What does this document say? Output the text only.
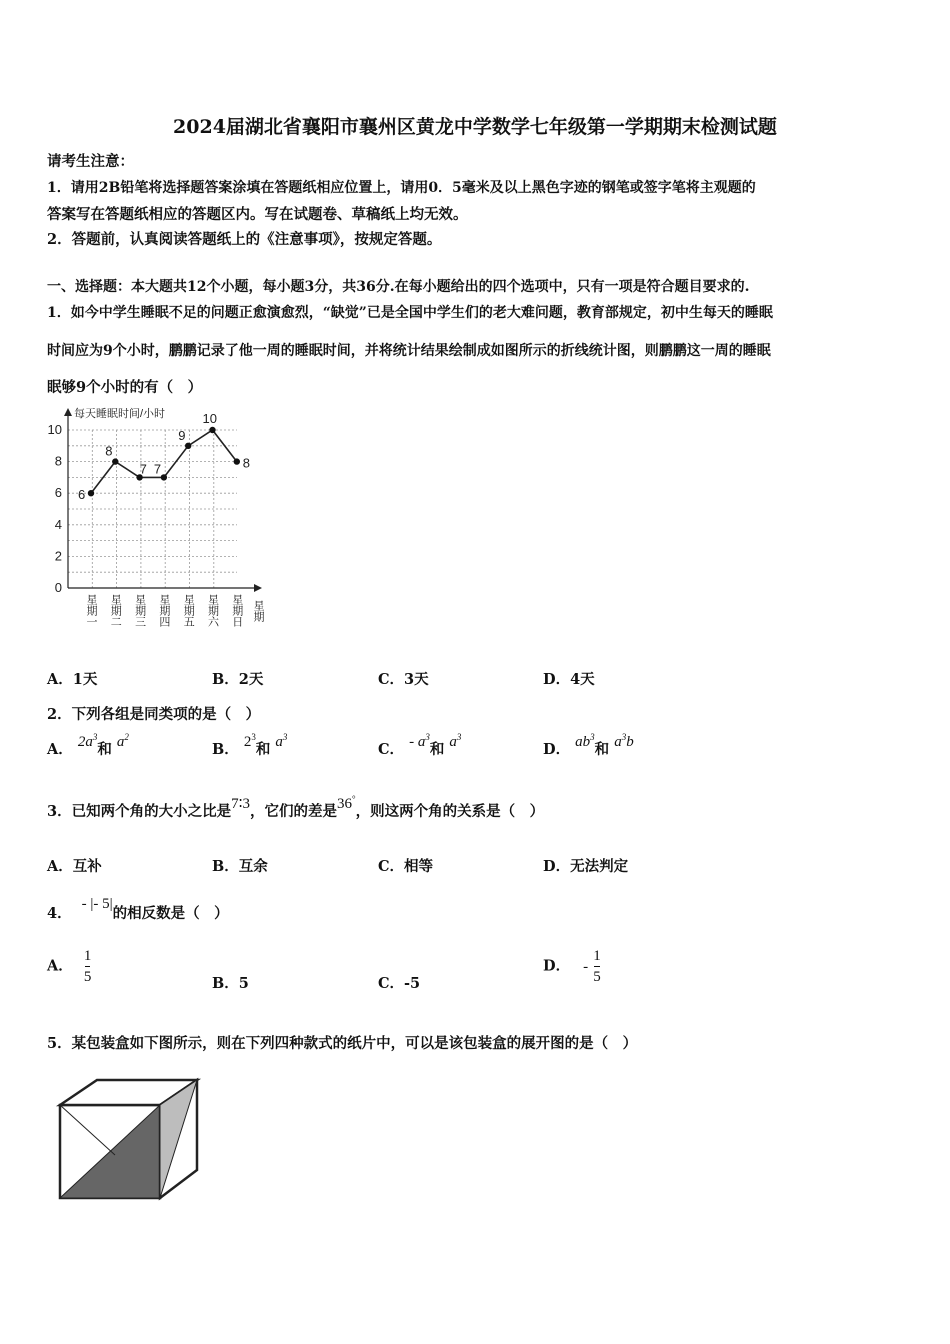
2024届湖北省襄阳市襄州区黄龙中学数学七年级第一学期期末检测试题
请考生注意：
1．请用2B铅笔将选择题答案涂填在答题纸相应位置上，请用0．5毫米及以上黑色字迹的钢笔或签字笔将主观题的
答案写在答题纸相应的答题区内。写在试题卷、草稿纸上均无效。
2．答题前，认真阅读答题纸上的《注意事项》，按规定答题。
一、选择题：本大题共12个小题，每小题3分，共36分.在每小题给出的四个选项中，只有一项是符合题目要求的.
1．如今中学生睡眠不足的问题正愈演愈烈，“缺觉”已是全国中学生们的老大难问题，教育部规定，初中生每天的睡眠
时间应为9个小时，鹏鹏记录了他一周的睡眠时间，并将统计结果绘制成如图所示的折线统计图，则鹏鹏这一周的睡眠
眠够9个小时的有（　）
0
2
4
6
8
10
星期一 星期二 星期三 星期四 星期五 星期六 星期日
6
8
7 7
9
10
8
每天睡眠时间/小时
星期
A．1天	B．2天	C．3天	D．4天
2．下列各组是同类项的是（　）
A． $2a^3$和 $a^2$
B． $2^3$和 $a^3$
C． - $a^3$和 $a^3$
D． $ab^3$和 $a^3b$
3．已知两个角的大小之比是7∶3，它们的差是36°，则这两个角的关系是（　）
A．互补	B．互余	C．相等	D．无法判定
4．- |- 5|的相反数是（　）
A． $\frac{1}{5}$	B．5	C．-5
D． - $\frac{1}{5}$
5．某包装盒如下图所示，则在下列四种款式的纸片中，可以是该包装盒的展开图的是（　）
